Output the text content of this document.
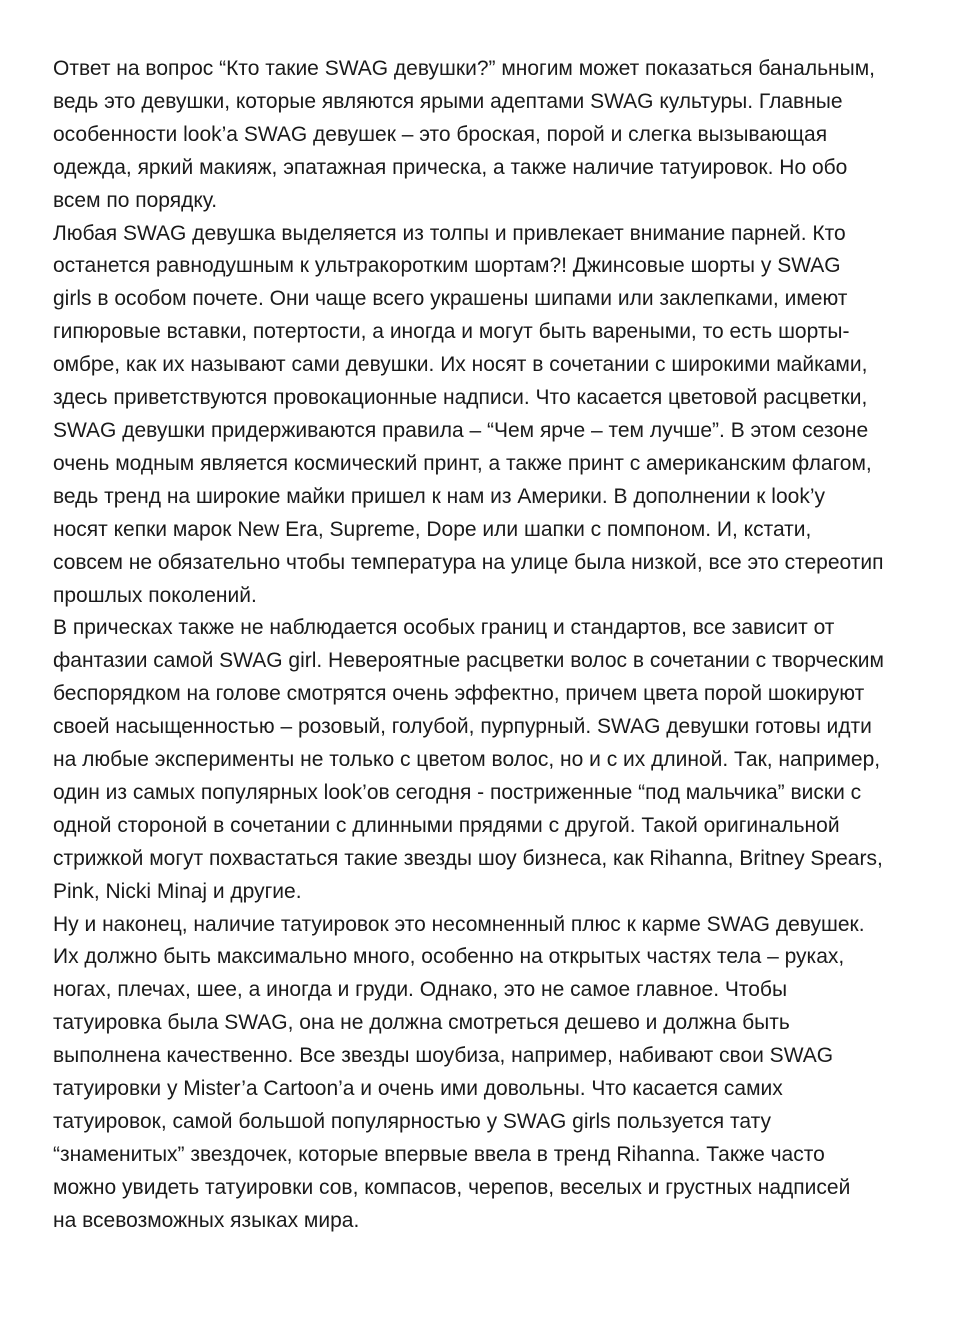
Ответ на вопрос “Кто такие SWAG девушки?” многим может показаться банальным,
ведь это девушки, которые являются ярыми адептами SWAG культуры. Главные
особенности look’a SWAG девушек – это броская, порой и слегка вызывающая
одежда, яркий макияж, эпатажная прическа, а также наличие татуировок. Но обо
всем по порядку.
Любая SWAG девушка выделяется из толпы и привлекает внимание парней. Кто
останется равнодушным к ультракоротким шортам?! Джинсовые шорты у SWAG
girls в особом почете. Они чаще всего украшены шипами или заклепками, имеют
гипюровые вставки, потертости, а иногда и могут быть вареными, то есть шорты-
омбре, как их называют сами девушки. Их носят в сочетании с широкими майками,
здесь приветствуются провокационные надписи. Что касается цветовой расцветки,
SWAG девушки придерживаются правила – “Чем ярче – тем лучше”. В этом сезоне
очень модным является космический принт, а также принт с американским флагом,
ведь тренд на широкие майки пришел к нам из Америки. В дополнении к look’у
носят кепки марок New Era, Supreme, Dope или шапки с помпоном. И, кстати,
совсем не обязательно чтобы температура на улице была низкой, все это стереотип
прошлых поколений.
В прическах также не наблюдается особых границ и стандартов, все зависит от
фантазии самой SWAG girl. Невероятные расцветки волос в сочетании с творческим
беспорядком на голове смотрятся очень эффектно, причем цвета порой шокируют
своей насыщенностью – розовый, голубой, пурпурный. SWAG девушки готовы идти
на любые эксперименты не только с цветом волос, но и с их длиной. Так, например,
один из самых популярных look’ов сегодня - постриженные “под мальчика” виски с
одной стороной в сочетании с длинными прядями с другой. Такой оригинальной
стрижкой могут похвастаться такие звезды шоу бизнеса, как Rihanna, Britney Spears,
Pink, Nicki Minaj и другие.
Ну и наконец, наличие татуировок это несомненный плюс к карме SWAG девушек.
Их должно быть максимально много, особенно на открытых частях тела – руках,
ногах, плечах, шее, а иногда и груди. Однако, это не самое главное. Чтобы
татуировка была SWAG, она не должна смотреться дешево и должна быть
выполнена качественно. Все звезды шоубиза, например, набивают свои SWAG
татуировки у Mister’a Cartoon’a и очень ими довольны. Что касается самих
татуировок, самой большой популярностью у SWAG girls пользуется тату
“знаменитых” звездочек, которые впервые ввела в тренд Rihanna. Также часто
можно увидеть татуировки сов, компасов, черепов, веселых и грустных надписей
на всевозможных языках мира.
